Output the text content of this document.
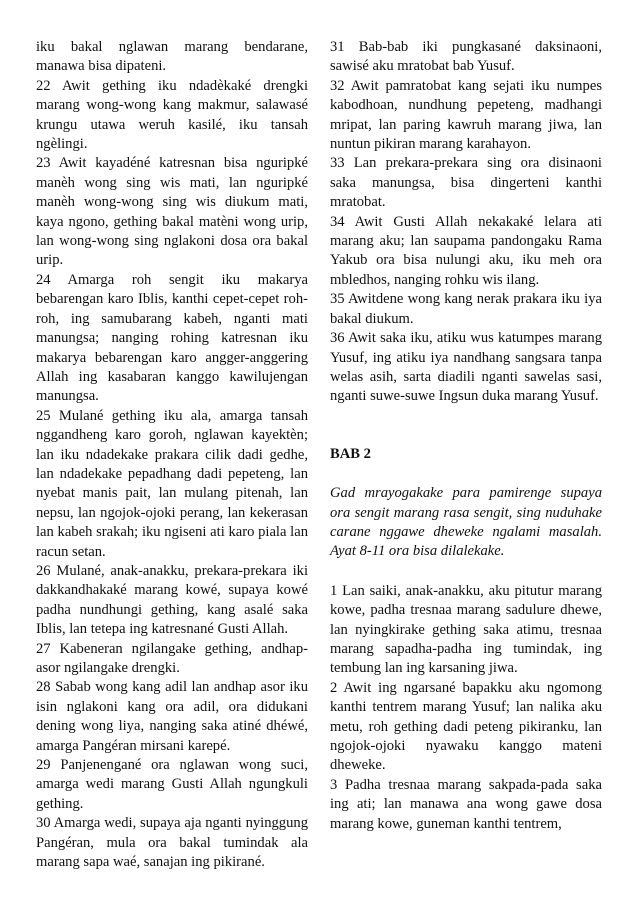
iku bakal nglawan marang bendarane, manawa bisa dipateni.

22 Awit gething iku ndadèkaké drengki marang wong-wong kang makmur, salawasé krungu utawa weruh kasilé, iku tansah ngèlingi.

23 Awit kayadéné katresnan bisa nguripké manèh wong sing wis mati, lan nguripké manèh wong-wong sing wis diukum mati, kaya ngono, gething bakal matèni wong urip, lan wong-wong sing nglakoni dosa ora bakal urip.

24 Amarga roh sengit iku makarya bebarengan karo Iblis, kanthi cepet-cepet roh-roh, ing samubarang kabeh, nganti mati manungsa; nanging rohing katresnan iku makarya bebarengan karo angger-anggering Allah ing kasabaran kanggo kawilujengan manungsa.

25 Mulané gething iku ala, amarga tansah nggandheng karo goroh, nglawan kayektèn; lan iku ndadekake prakara cilik dadi gedhe, lan ndadekake pepadhang dadi pepeteng, lan nyebat manis pait, lan mulang pitenah, lan nepsu, lan ngojok-ojoki perang, lan kekerasan lan kabeh srakah; iku ngiseni ati karo piala lan racun setan.

26 Mulané, anak-anakku, prekara-prekara iki dakkandhakaké marang kowé, supaya kowé padha nundhungi gething, kang asalé saka Iblis, lan tetepa ing katresnané Gusti Allah.

27 Kabeneran ngilangake gething, andhap-asor ngilangake drengki.

28 Sabab wong kang adil lan andhap asor iku isin nglakoni kang ora adil, ora didukani dening wong liya, nanging saka atiné dhéwé, amarga Pangéran mirsani karepé.

29 Panjenengané ora nglawan wong suci, amarga wedi marang Gusti Allah ngungkuli gething.

30 Amarga wedi, supaya aja nganti nyinggung Pangéran, mula ora bakal tumindak ala marang sapa waé, sanajan ing pikirané.

31 Bab-bab iki pungkasané daksinaoni, sawisé aku mratobat bab Yusuf.

32 Awit pamratobat kang sejati iku numpes kabodhoan, nundhung pepeteng, madhangi mripat, lan paring kawruh marang jiwa, lan nuntun pikiran marang karahayon.

33 Lan prekara-prekara sing ora disinaoni saka manungsa, bisa dingerteni kanthi mratobat.

34 Awit Gusti Allah nekakaké lelara ati marang aku; lan saupama pandongaku Rama Yakub ora bisa nulungi aku, iku meh ora mbledhos, nanging rohku wis ilang.

35 Awitdene wong kang nerak prakara iku iya bakal diukum.

36 Awit saka iku, atiku wus katumpes marang Yusuf, ing atiku iya nandhang sangsara tanpa welas asih, sarta diadili nganti sawelas sasi, nganti suwe-suwe Ingsun duka marang Yusuf.

BAB 2

Gad mrayogakake para pamirenge supaya ora sengit marang rasa sengit, sing nuduhake carane nggawe dheweke ngalami masalah. Ayat 8-11 ora bisa dilalekake.

1 Lan saiki, anak-anakku, aku pitutur marang kowe, padha tresnaa marang sadulure dhewe, lan nyingkirake gething saka atimu, tresnaa marang sapadha-padha ing tumindak, ing tembung lan ing karsaning jiwa.

2 Awit ing ngarsané bapakku aku ngomong kanthi tentrem marang Yusuf; lan nalika aku metu, roh gething dadi peteng pikiranku, lan ngojok-ojoki nyawaku kanggo mateni dheweke.

3 Padha tresnaa marang sakpada-pada saka ing ati; lan manawa ana wong gawe dosa marang kowe, guneman kanthi tentrem,
